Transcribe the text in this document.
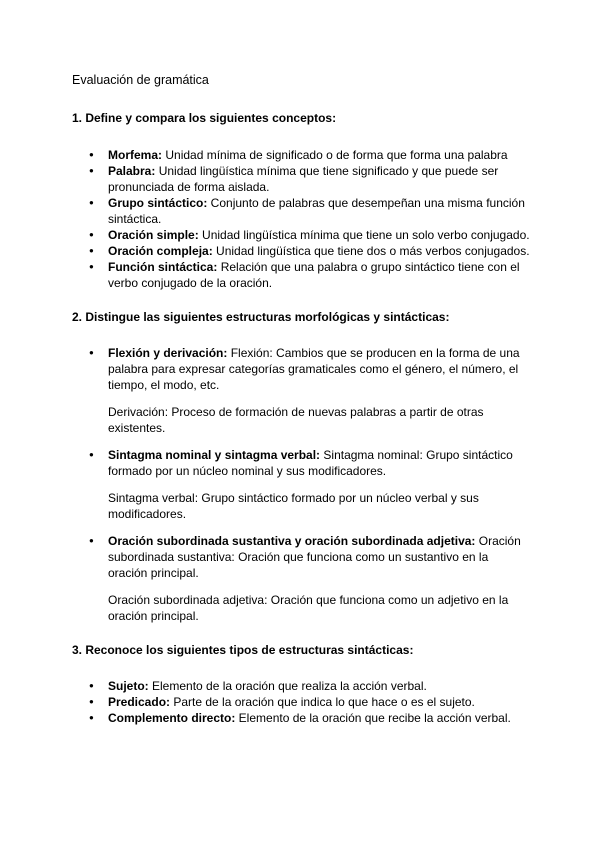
Evaluación de gramática
1. Define y compara los siguientes conceptos:
● Morfema: Unidad mínima de significado o de forma que forma una palabra
● Palabra: Unidad lingüística mínima que tiene significado y que puede ser pronunciada de forma aislada.
● Grupo sintáctico: Conjunto de palabras que desempeñan una misma función sintáctica.
● Oración simple: Unidad lingüística mínima que tiene un solo verbo conjugado.
● Oración compleja: Unidad lingüística que tiene dos o más verbos conjugados.
● Función sintáctica: Relación que una palabra o grupo sintáctico tiene con el verbo conjugado de la oración.
2. Distingue las siguientes estructuras morfológicas y sintácticas:
● Flexión y derivación: Flexión: Cambios que se producen en la forma de una palabra para expresar categorías gramaticales como el género, el número, el tiempo, el modo, etc.
Derivación: Proceso de formación de nuevas palabras a partir de otras existentes.
● Sintagma nominal y sintagma verbal: Sintagma nominal: Grupo sintáctico formado por un núcleo nominal y sus modificadores.
Sintagma verbal: Grupo sintáctico formado por un núcleo verbal y sus modificadores.
● Oración subordinada sustantiva y oración subordinada adjetiva: Oración subordinada sustantiva: Oración que funciona como un sustantivo en la oración principal.
Oración subordinada adjetiva: Oración que funciona como un adjetivo en la oración principal.
3. Reconoce los siguientes tipos de estructuras sintácticas:
● Sujeto: Elemento de la oración que realiza la acción verbal.
● Predicado: Parte de la oración que indica lo que hace o es el sujeto.
● Complemento directo: Elemento de la oración que recibe la acción verbal.
